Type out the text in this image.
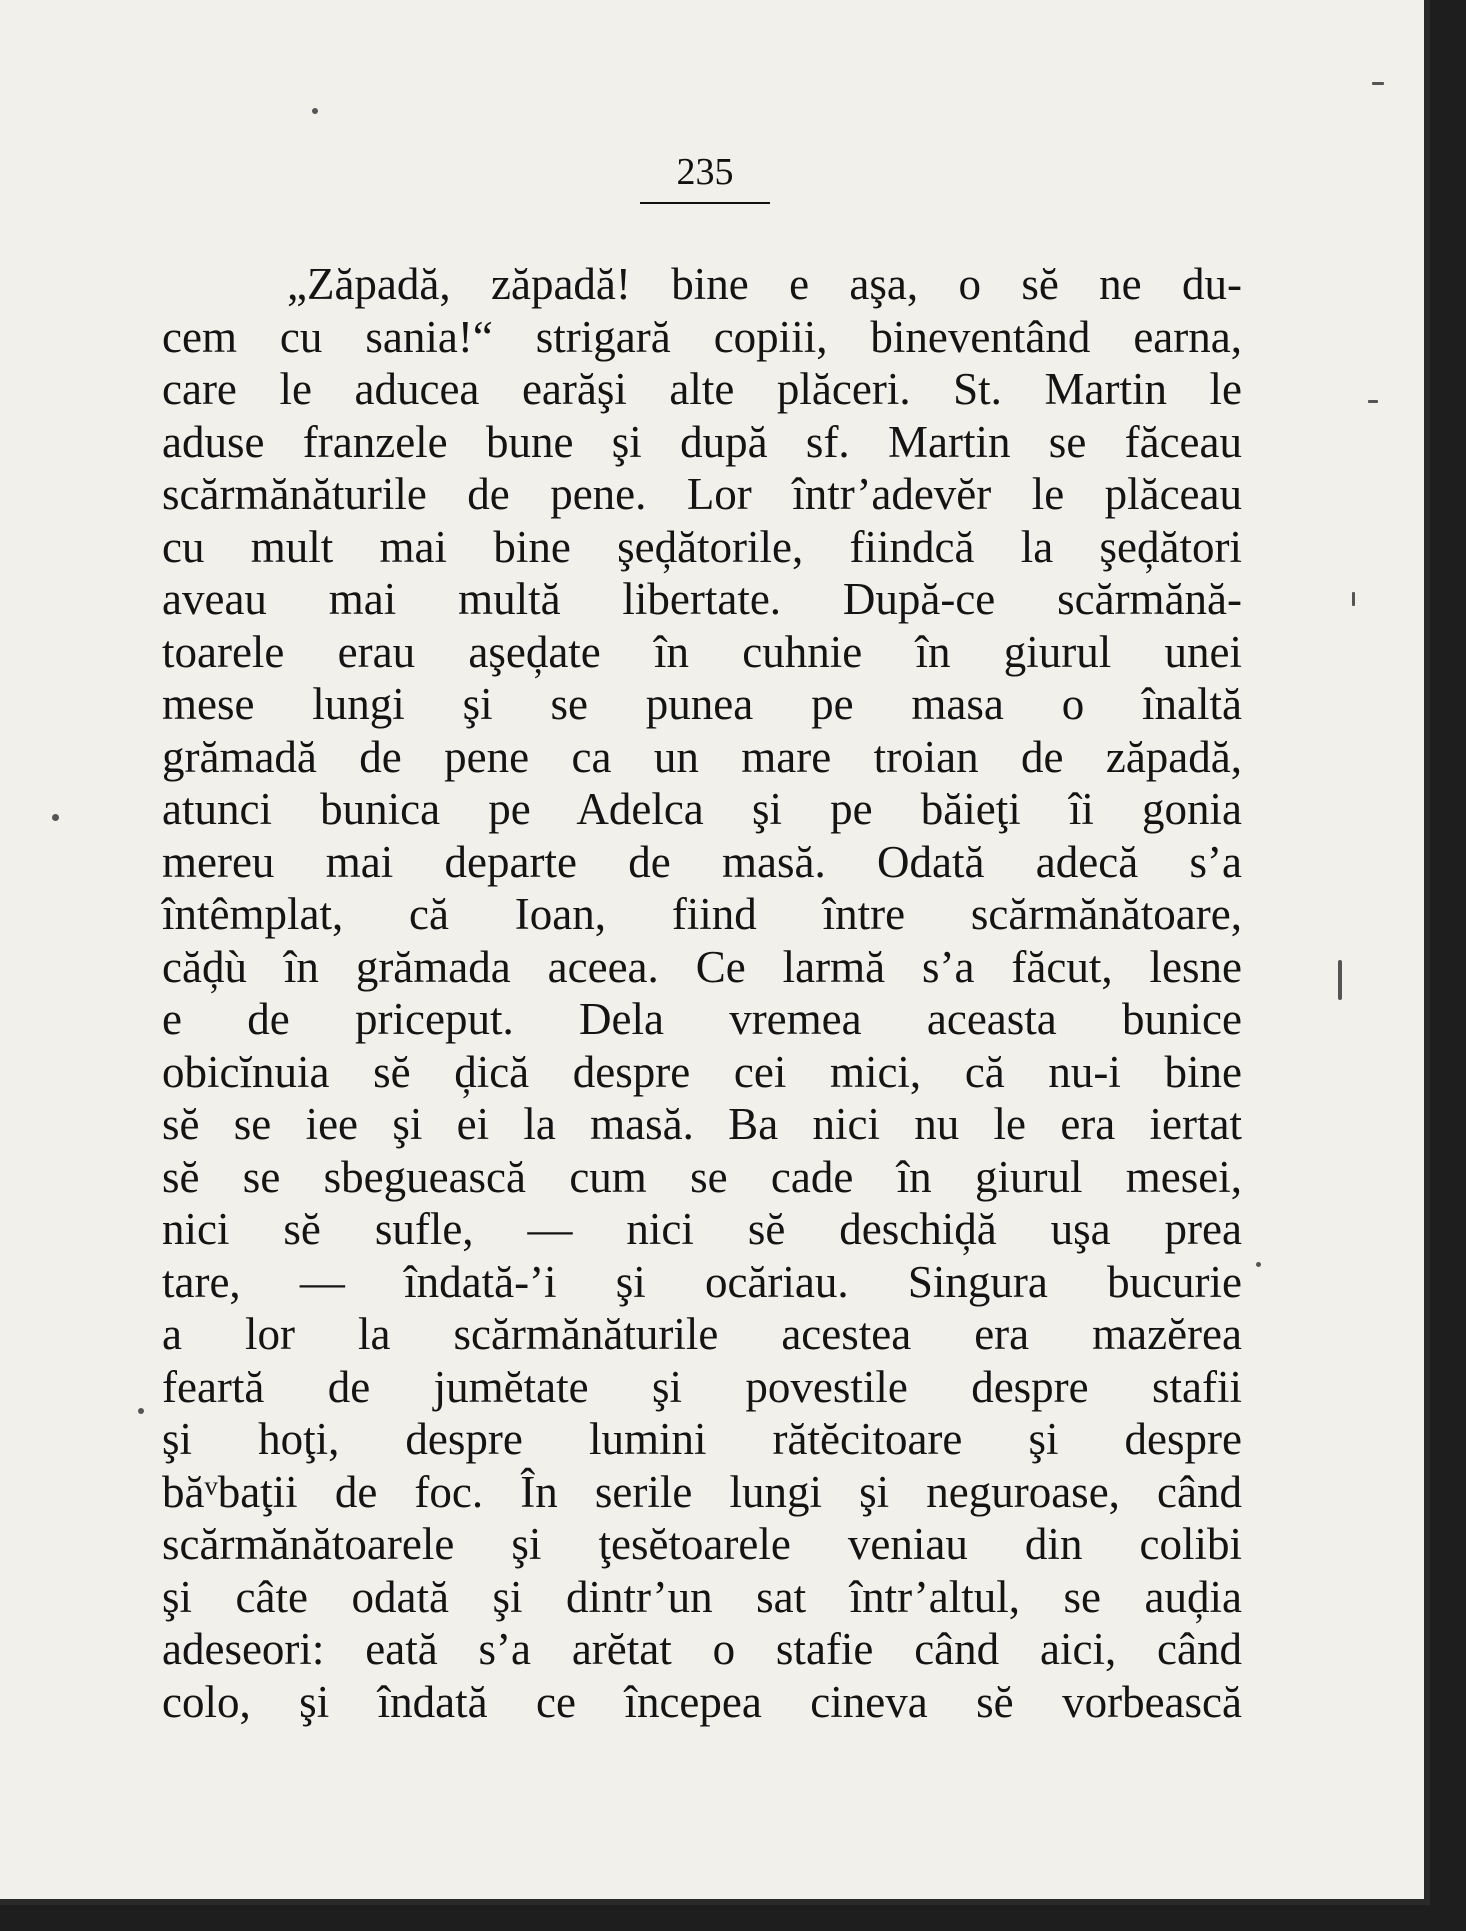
235
„Zăpadă, zăpadă! bine e aşa, o sĕ ne du-
cem cu sania!“ strigară copiii, bineventând earna,
care le aducea earăşi alte plăceri. St. Martin le
aduse franzele bune şi după sf. Martin se făceau
scărmănăturile de pene. Lor într’adevĕr le plăceau
cu mult mai bine şeḑătorile, fiindcă la şeḑători
aveau mai multă libertate. După-ce scărmănă-
toarele erau aşeḑate în cuhnie în giurul unei
mese lungi şi se punea pe masa o înaltă
grămadă de pene ca un mare troian de zăpadă,
atunci bunica pe Adelca şi pe băieţi îi gonia
mereu mai departe de masă. Odată adecă s’a
întêmplat, că Ioan, fiind între scărmănătoare,
căḑù în grămada aceea. Ce larmă s’a făcut, lesne
e de priceput. Dela vremea aceasta bunice
obicĭnuia sĕ ḑică despre cei mici, că nu-i bine
sĕ se iee şi ei la masă. Ba nici nu le era iertat
sĕ se sbeguească cum se cade în giurul mesei,
nici sĕ sufle, — nici sĕ deschiḑă uşa prea
tare, — îndată-’i şi ocăriau. Singura bucurie
a lor la scărmănăturile acestea era mazĕrea
feartă de jumĕtate şi povestile despre stafii
şi hoţi, despre lumini rătĕcitoare şi despre
băᵛbaţii de foc. În serile lungi şi neguroase, când
scărmănătoarele şi ţesĕtoarele veniau din colibi
şi câte odată şi dintr’un sat într’altul, se auḑia
adeseori: eată s’a arĕtat o stafie când aici, când
colo, şi îndată ce începea cineva sĕ vorbească
